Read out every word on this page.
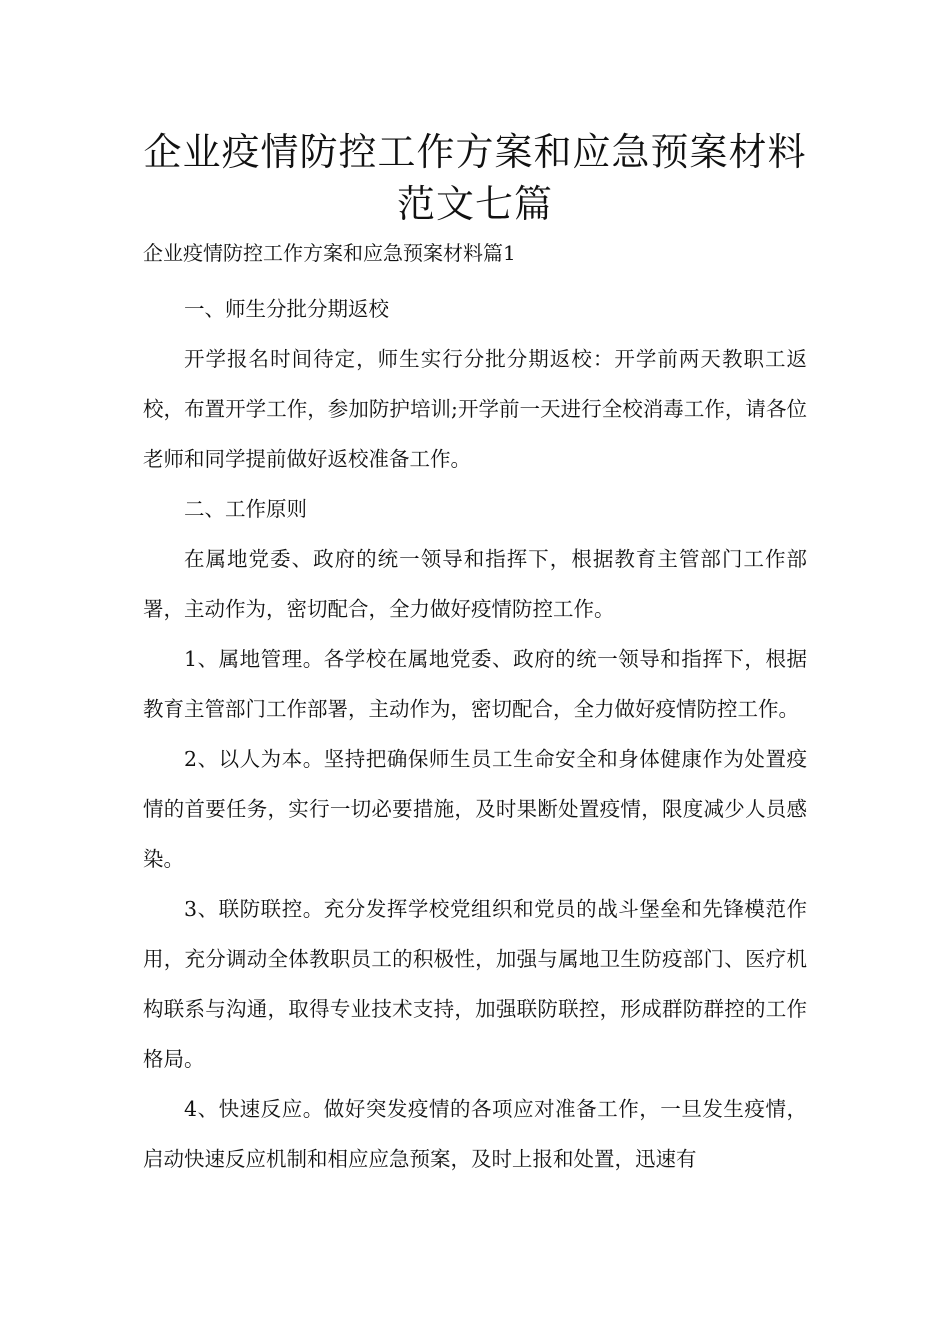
企业疫情防控工作方案和应急预案材料
范文七篇

企业疫情防控工作方案和应急预案材料篇1

一、师生分批分期返校

开学报名时间待定，师生实行分批分期返校：开学前两天教职工返校，布置开学工作，参加防护培训;开学前一天进行全校消毒工作，请各位老师和同学提前做好返校准备工作。

二、工作原则

在属地党委、政府的统一领导和指挥下，根据教育主管部门工作部署，主动作为，密切配合，全力做好疫情防控工作。

1、属地管理。各学校在属地党委、政府的统一领导和指挥下，根据教育主管部门工作部署，主动作为，密切配合，全力做好疫情防控工作。

2、以人为本。坚持把确保师生员工生命安全和身体健康作为处置疫情的首要任务，实行一切必要措施，及时果断处置疫情，限度减少人员感染。

3、联防联控。充分发挥学校党组织和党员的战斗堡垒和先锋模范作用，充分调动全体教职员工的积极性，加强与属地卫生防疫部门、医疗机构联系与沟通，取得专业技术支持，加强联防联控，形成群防群控的工作格局。

4、快速反应。做好突发疫情的各项应对准备工作，一旦发生疫情，启动快速反应机制和相应应急预案，及时上报和处置，迅速有
